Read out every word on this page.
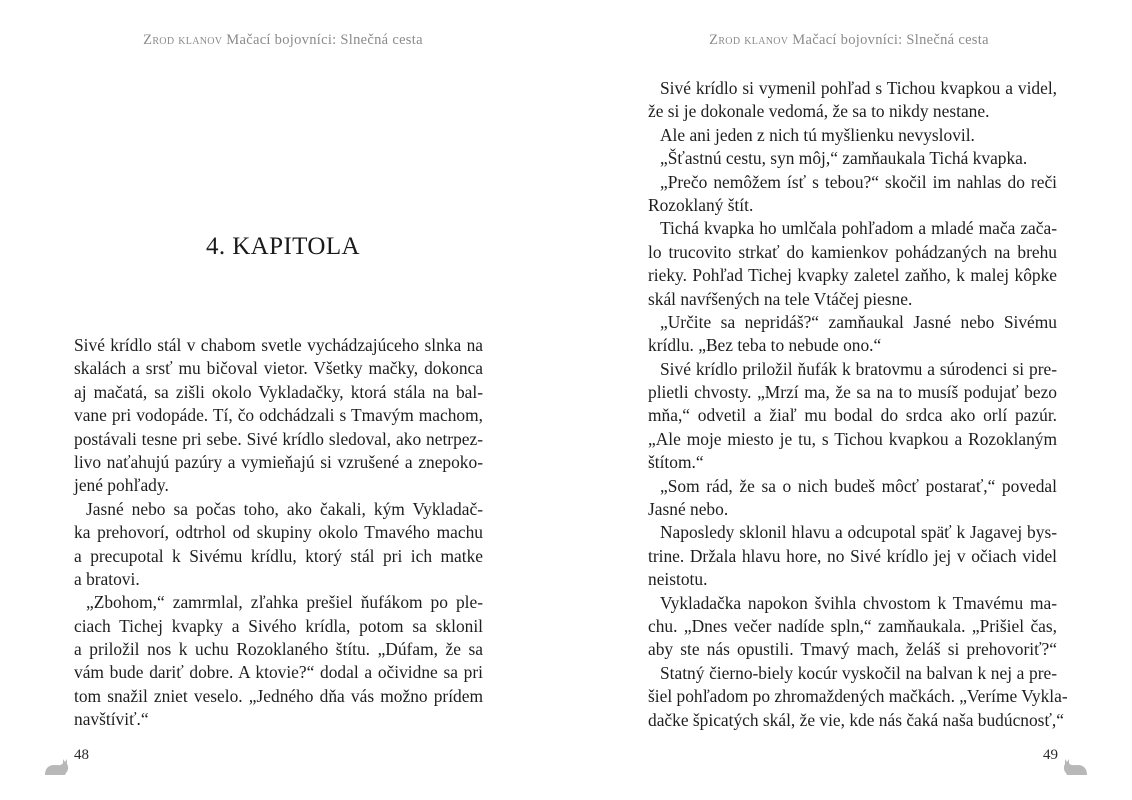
Zrod klanov Mačací bojovníci: Slnečná cesta
4. KAPITOLA
Sivé krídlo stál v chabom svetle vychádzajúceho slnka na
skalách a srsť mu bičoval vietor. Všetky mačky, dokonca
aj mačatá, sa zišli okolo Vykladačky, ktorá stála na bal-
vane pri vodopáde. Tí, čo odchádzali s Tmavým machom,
postávali tesne pri sebe. Sivé krídlo sledoval, ako netrpez-
livo naťahujú pazúry a vymieňajú si vzrušené a znepoko-
jené pohľady.
Jasné nebo sa počas toho, ako čakali, kým Vykladač-
ka prehovorí, odtrhol od skupiny okolo Tmavého machu
a precupotal k Sivému krídlu, ktorý stál pri ich matke
a bratovi.
„Zbohom,“ zamrmlal, zľahka prešiel ňufákom po ple-
ciach Tichej kvapky a Sivého krídla, potom sa sklonil
a priložil nos k uchu Rozoklaného štítu. „Dúfam, že sa
vám bude dariť dobre. A ktovie?“ dodal a očividne sa pri
tom snažil zniet veselo. „Jedného dňa vás možno prídem
navštíviť.“
48
Zrod klanov Mačací bojovníci: Slnečná cesta
Sivé krídlo si vymenil pohľad s Tichou kvapkou a videl,
že si je dokonale vedomá, že sa to nikdy nestane.
Ale ani jeden z nich tú myšlienku nevyslovil.
„Šťastnú cestu, syn môj,“ zamňaukala Tichá kvapka.
„Prečo nemôžem ísť s tebou?“ skočil im nahlas do reči
Rozoklaný štít.
Tichá kvapka ho umlčala pohľadom a mladé mača zača-
lo trucovito strkať do kamienkov pohádzaných na brehu
rieky. Pohľad Tichej kvapky zaletel zaňho, k malej kôpke
skál navŕšených na tele Vtáčej piesne.
„Určite sa nepridáš?“ zamňaukal Jasné nebo Sivému
krídlu. „Bez teba to nebude ono.“
Sivé krídlo priložil ňufák k bratovmu a súrodenci si pre-
plietli chvosty. „Mrzí ma, že sa na to musíš podujať bezo
mňa,“ odvetil a žiaľ mu bodal do srdca ako orlí pazúr.
„Ale moje miesto je tu, s Tichou kvapkou a Rozoklaným
štítom.“
„Som rád, že sa o nich budeš môcť postarať,“ povedal
Jasné nebo.
Naposledy sklonil hlavu a odcupotal späť k Jagavej bys-
trine. Držala hlavu hore, no Sivé krídlo jej v očiach videl
neistotu.
Vykladačka napokon švihla chvostom k Tmavému ma-
chu. „Dnes večer nadíde spln,“ zamňaukala. „Prišiel čas,
aby ste nás opustili. Tmavý mach, želáš si prehovoriť?“
Statný čierno-biely kocúr vyskočil na balvan k nej a pre-
šiel pohľadom po zhromaždených mačkách. „Veríme Vykla-
dačke špicatých skál, že vie, kde nás čaká naša budúcnosť,“
49
